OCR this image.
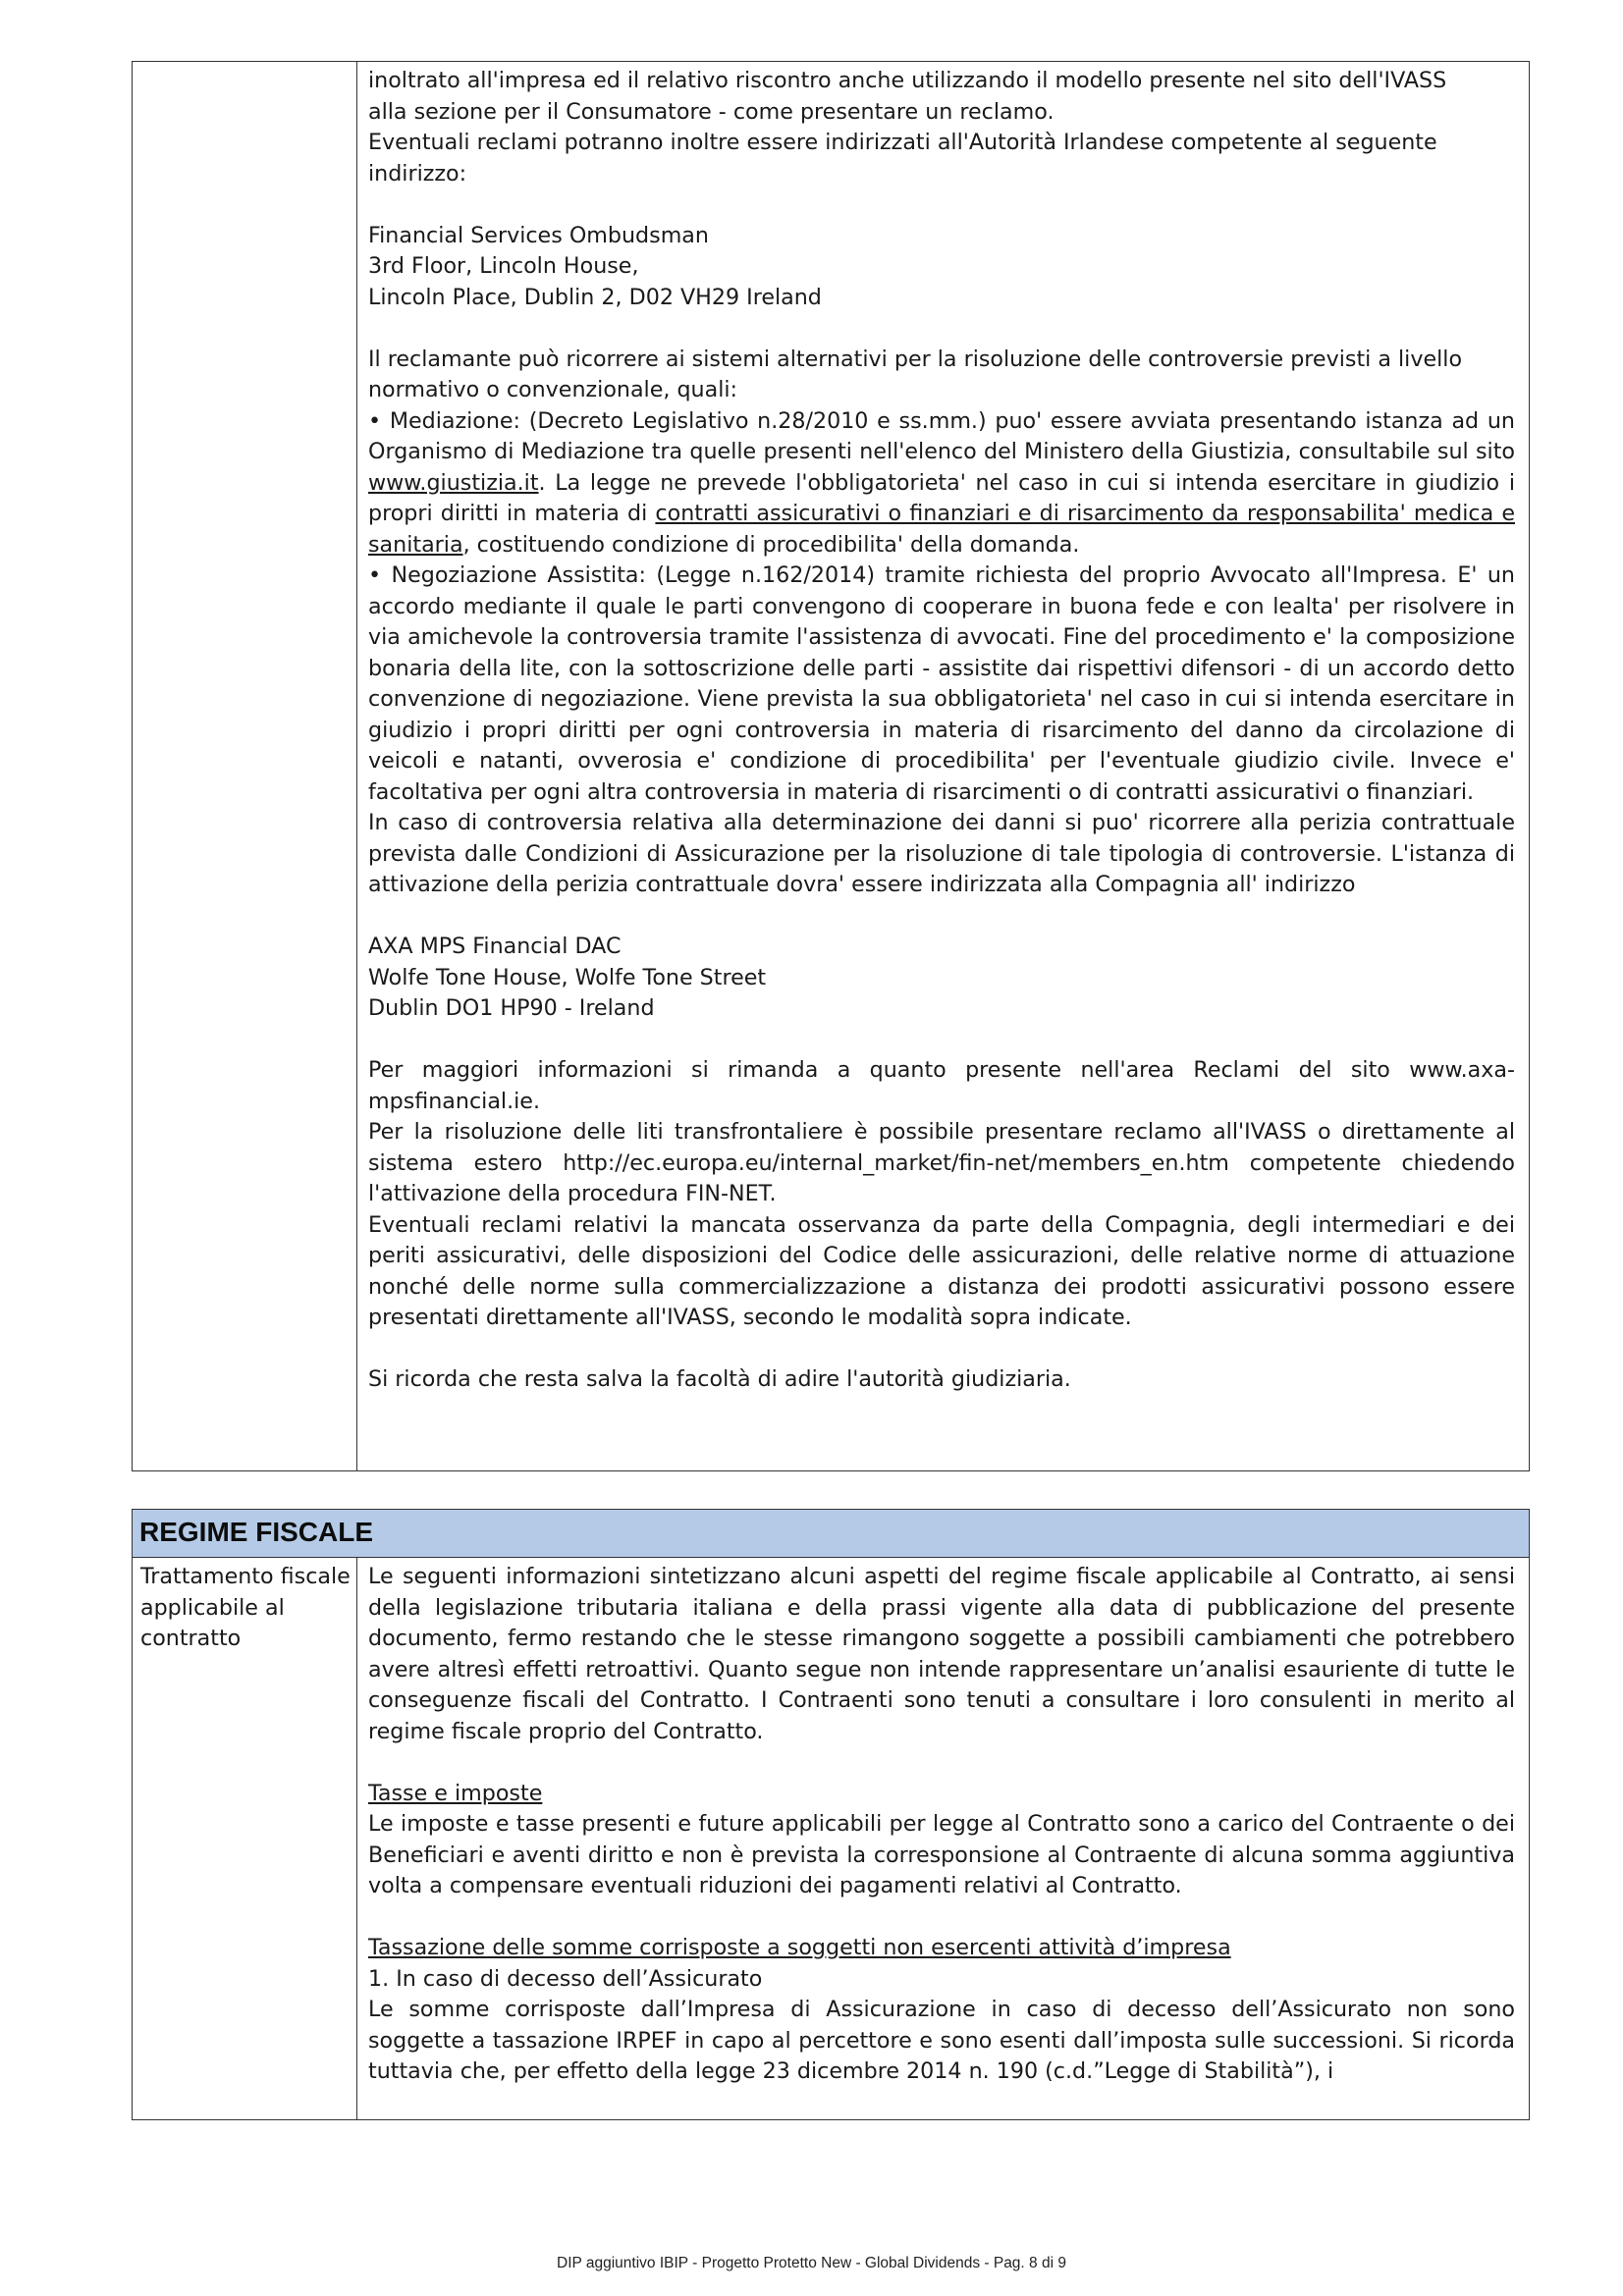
inoltrato all'impresa ed il relativo riscontro anche utilizzando il modello presente nel sito dell'IVASS

alla sezione per il Consumatore - come presentare un reclamo.

Eventuali reclami potranno inoltre essere indirizzati all'Autorità Irlandese competente al seguente

indirizzo:

Financial Services Ombudsman

3rd Floor, Lincoln House,

Lincoln Place, Dublin 2, D02 VH29 Ireland

Il reclamante può ricorrere ai sistemi alternativi per la risoluzione delle controversie previsti a livello

normativo o convenzionale, quali:

• Mediazione: (Decreto Legislativo n.28/2010 e ss.mm.) puo' essere avviata presentando istanza ad un Organismo di Mediazione tra quelle presenti nell'elenco del Ministero della Giustizia, consultabile sul sito www.giustizia.it. La legge ne prevede l'obbligatorieta' nel caso in cui si intenda esercitare in giudizio i propri diritti in materia di contratti assicurativi o finanziari e di risarcimento da responsabilita' medica e sanitaria, costituendo condizione di procedibilita' della domanda.

• Negoziazione Assistita: (Legge n.162/2014) tramite richiesta del proprio Avvocato all'Impresa. E' un accordo mediante il quale le parti convengono di cooperare in buona fede e con lealta' per risolvere in via amichevole la controversia tramite l'assistenza di avvocati. Fine del procedimento e' la composizione bonaria della lite, con la sottoscrizione delle parti - assistite dai rispettivi difensori - di un accordo detto convenzione di negoziazione. Viene prevista la sua obbligatorieta' nel caso in cui si intenda esercitare in giudizio i propri diritti per ogni controversia in materia di risarcimento del danno da circolazione di veicoli e natanti, ovverosia e' condizione di procedibilita' per l'eventuale giudizio civile. Invece e' facoltativa per ogni altra controversia in materia di risarcimenti o di contratti assicurativi o finanziari.

In caso di controversia relativa alla determinazione dei danni si puo' ricorrere alla perizia contrattuale prevista dalle Condizioni di Assicurazione per la risoluzione di tale tipologia di controversie. L'istanza di attivazione della perizia contrattuale dovra' essere indirizzata alla Compagnia all' indirizzo

AXA MPS Financial DAC

Wolfe Tone House, Wolfe Tone Street

Dublin DO1 HP90 - Ireland

Per maggiori informazioni si rimanda a quanto presente nell'area Reclami del sito www.axa-mpsfinancial.ie.

Per la risoluzione delle liti transfrontaliere è possibile presentare reclamo all'IVASS o direttamente al sistema estero http://ec.europa.eu/internal_market/fin-net/members_en.htm competente chiedendo l'attivazione della procedura FIN-NET.

Eventuali reclami relativi la mancata osservanza da parte della Compagnia, degli intermediari e dei periti assicurativi, delle disposizioni del Codice delle assicurazioni, delle relative norme di attuazione nonché delle norme sulla commercializzazione a distanza dei prodotti assicurativi possono essere presentati direttamente all'IVASS, secondo le modalità sopra indicate.

Si ricorda che resta salva la facoltà di adire l'autorità giudiziaria.

REGIME FISCALE
Trattamento fiscale applicabile al contratto

Le seguenti informazioni sintetizzano alcuni aspetti del regime fiscale applicabile al Contratto, ai sensi della legislazione tributaria italiana e della prassi vigente alla data di pubblicazione del presente documento, fermo restando che le stesse rimangono soggette a possibili cambiamenti che potrebbero avere altresì effetti retroattivi. Quanto segue non intende rappresentare un’analisi esauriente di tutte le conseguenze fiscali del Contratto. I Contraenti sono tenuti a consultare i loro consulenti in merito al regime fiscale proprio del Contratto.

Tasse e imposte

Le imposte e tasse presenti e future applicabili per legge al Contratto sono a carico del Contraente o dei Beneficiari e aventi diritto e non è prevista la corresponsione al Contraente di alcuna somma aggiuntiva volta a compensare eventuali riduzioni dei pagamenti relativi al Contratto.

Tassazione delle somme corrisposte a soggetti non esercenti attività d’impresa

1. In caso di decesso dell’Assicurato

Le somme corrisposte dall’Impresa di Assicurazione in caso di decesso dell’Assicurato non sono soggette a tassazione IRPEF in capo al percettore e sono esenti dall’imposta sulle successioni. Si ricorda tuttavia che, per effetto della legge 23 dicembre 2014 n. 190 (c.d.”Legge di Stabilità”), i

DIP aggiuntivo IBIP - Progetto Protetto New - Global Dividends - Pag. 8 di 9
